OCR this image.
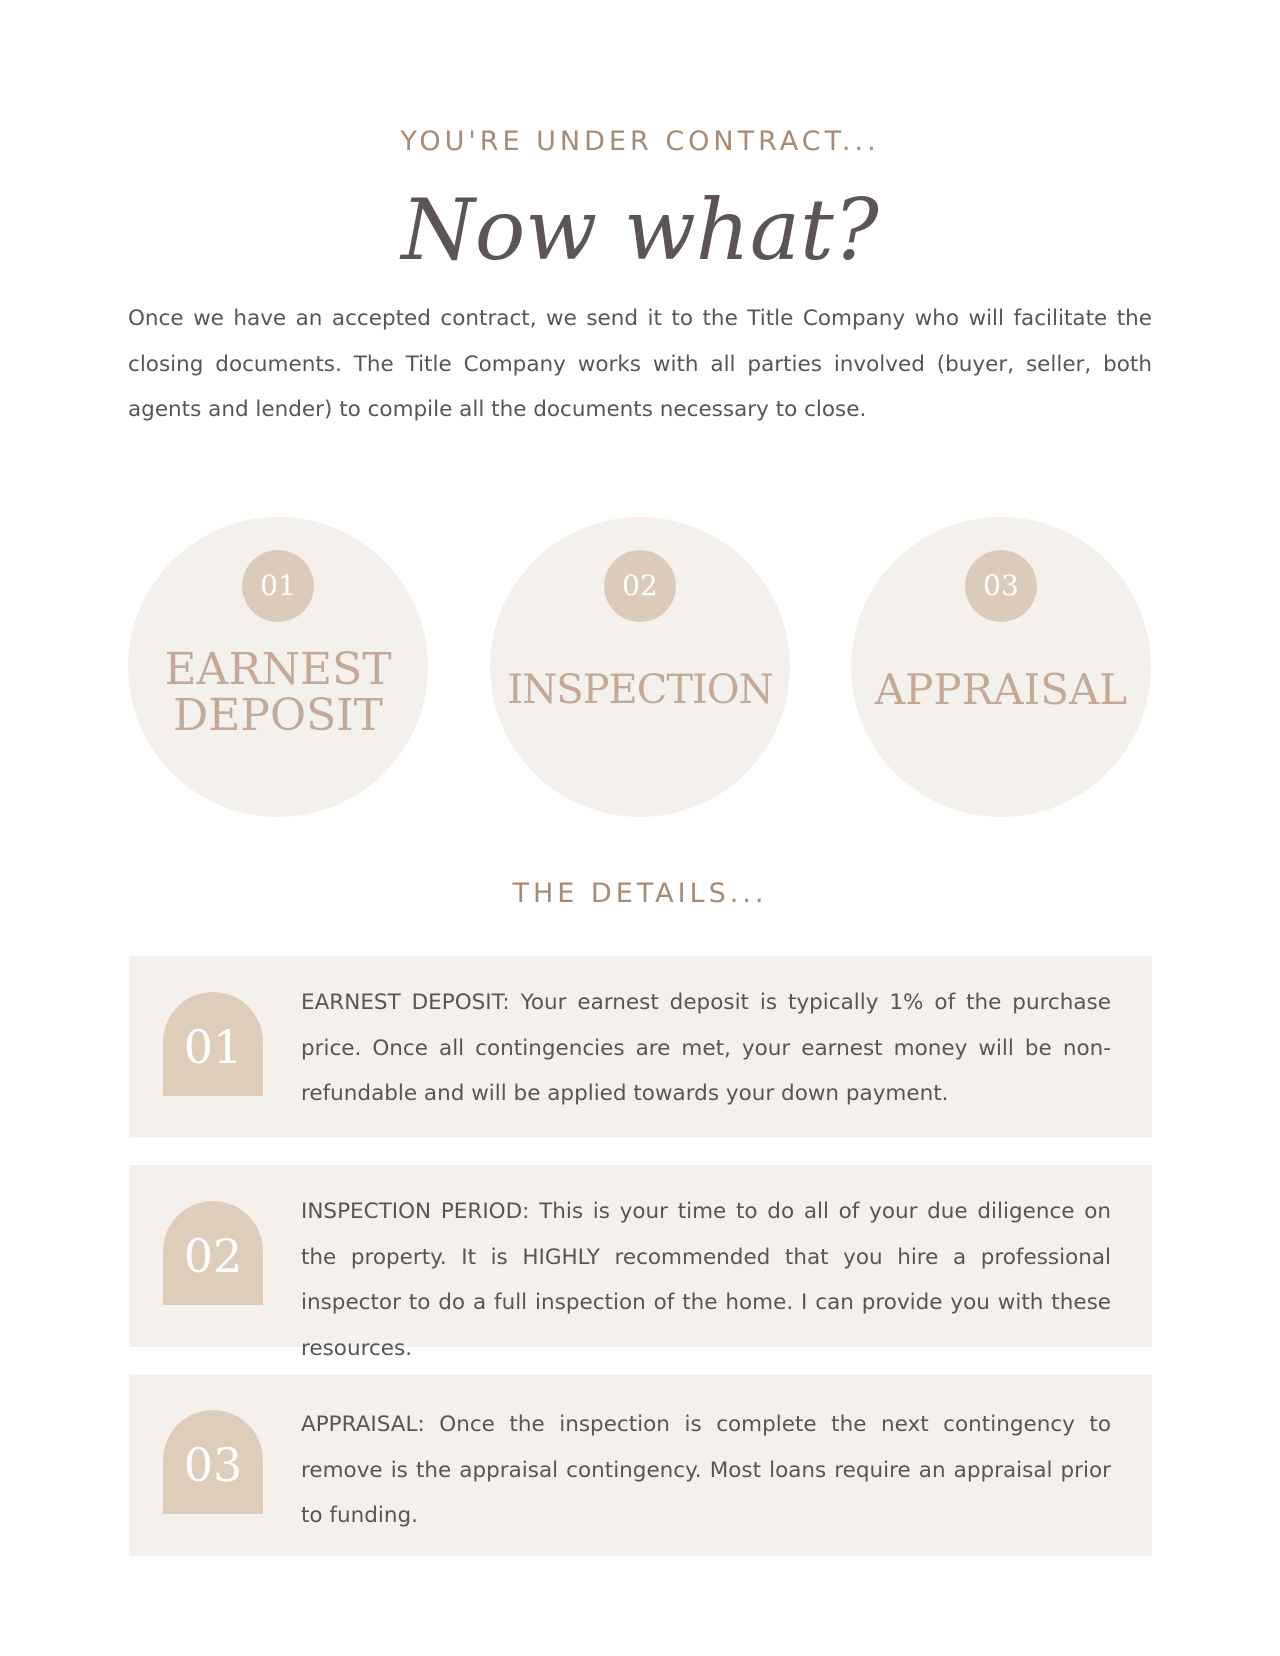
YOU'RE UNDER CONTRACT...
Now what?
Once we have an accepted contract, we send it to the Title Company who will facilitate the closing documents. The Title Company works with all parties involved (buyer, seller, both agents and lender) to compile all the documents necessary to close.
01
EARNEST
DEPOSIT
02
INSPECTION
03
APPRAISAL
THE DETAILS...
01
EARNEST DEPOSIT: Your earnest deposit is typically 1% of the purchase price. Once all contingencies are met, your earnest money will be non-refundable and will be applied towards your down payment.
02
INSPECTION PERIOD: This is your time to do all of your due diligence on the property. It is HIGHLY recommended that you hire a professional inspector to do a full inspection of the home. I can provide you with these resources.
03
APPRAISAL: Once the inspection is complete the next contingency to remove is the appraisal contingency. Most loans require an appraisal prior to funding.
